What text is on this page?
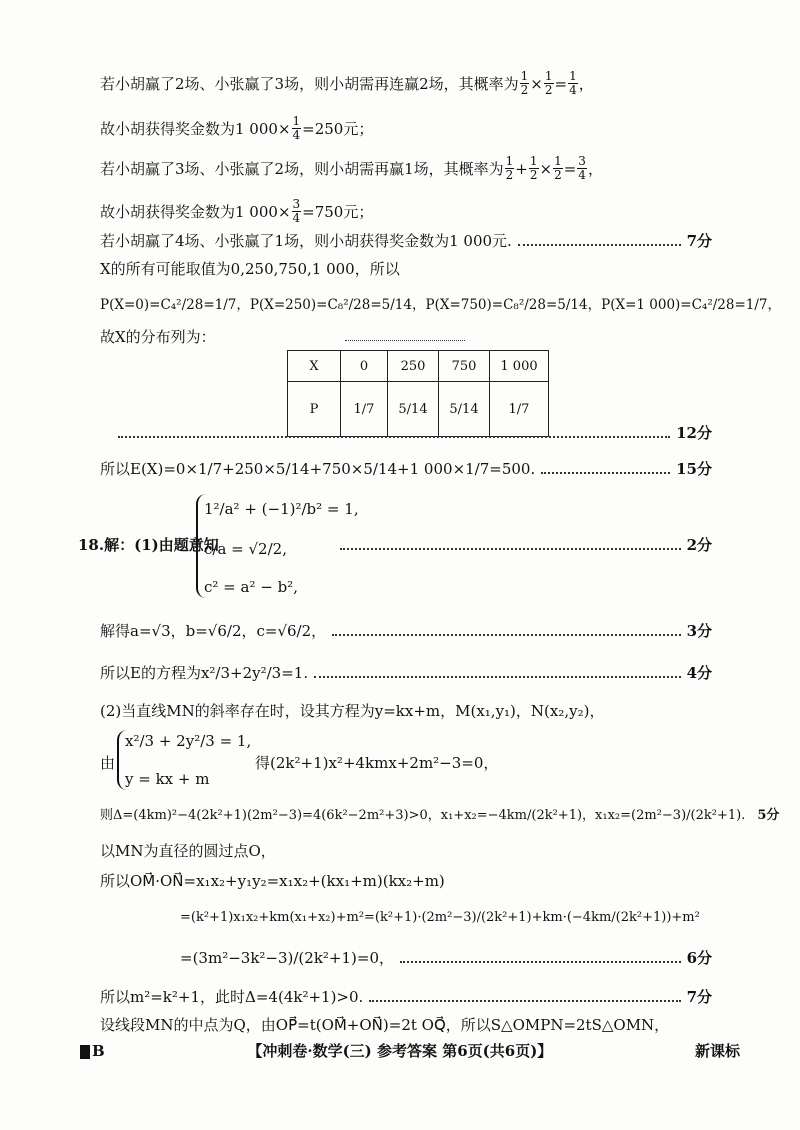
若小胡赢了2场、小张赢了3场，则小胡需再连赢2场，其概率为 $\frac{1}{2} \times \frac{1}{2} = \frac{1}{4}$ ，
故小胡获得奖金数为1 $000\times \frac{1}{4} =250$元；
若小胡赢了3场、小张赢了2场，则小胡需再赢1场，其概率为 $\frac{1}{2} + \frac{1}{2} \times \frac{1}{2} = \frac{3}{4}$ ，
故小胡获得奖金数为1 $000\times \frac{3}{4} =750$元；
若小胡赢了4场、小张赢了1场，则小胡获得奖金数为1 000元.	7分
X的所有可能取值为0,250,750,1 000，所以
P(X=0)=C₄²/28=1/7，P(X=250)=C₈²/28=5/14，P(X=750)=C₈²/28=5/14，P(X=1 000)=C₄²/28=1/7，
故X的分布列为：
X	0	250	750	1 000
P	1/7	5/14	5/14	1/7
12分
所以E(X)=0×1/7+250×5/14+750×5/14+1 000×1/7=500.	15分
18.解：(1)由题意知	2分
1²/a² + (−1)²/b² = 1,
c/a = √2/2,
c² = a² − b²,
解得a=√3，b=√6/2，c=√6/2，	3分
所以E的方程为x²/3+2y²/3=1.	4分
(2)当直线MN的斜率存在时，设其方程为y=kx+m，M(x₁,y₁)，N(x₂,y₂)，
由	得(2k²+1)x²+4kmx+2m²−3=0，
x²/3 + 2y²/3 = 1,
y = kx + m
则Δ=(4km)²−4(2k²+1)(2m²−3)=4(6k²−2m²+3)>0，x₁+x₂=−4km/(2k²+1)，x₁x₂=(2m²−3)/(2k²+1). 5分
以MN为直径的圆过点O，
所以OM⃗·ON⃗=x₁x₂+y₁y₂=x₁x₂+(kx₁+m)(kx₂+m)
=(k²+1)x₁x₂+km(x₁+x₂)+m²=(k²+1)·(2m²−3)/(2k²+1)+km·(−4km/(2k²+1))+m²
=(3m²−3k²−3)/(2k²+1)=0，	6分
所以m²=k²+1，此时Δ=4(4k²+1)>0.	7分
设线段MN的中点为Q，由OP⃗=t(OM⃗+ON⃗)=2t OQ⃗，所以S△OMPN=2tS△OMN，
B	【冲刺卷·数学(三) 参考答案 第6页(共6页)】	新课标
